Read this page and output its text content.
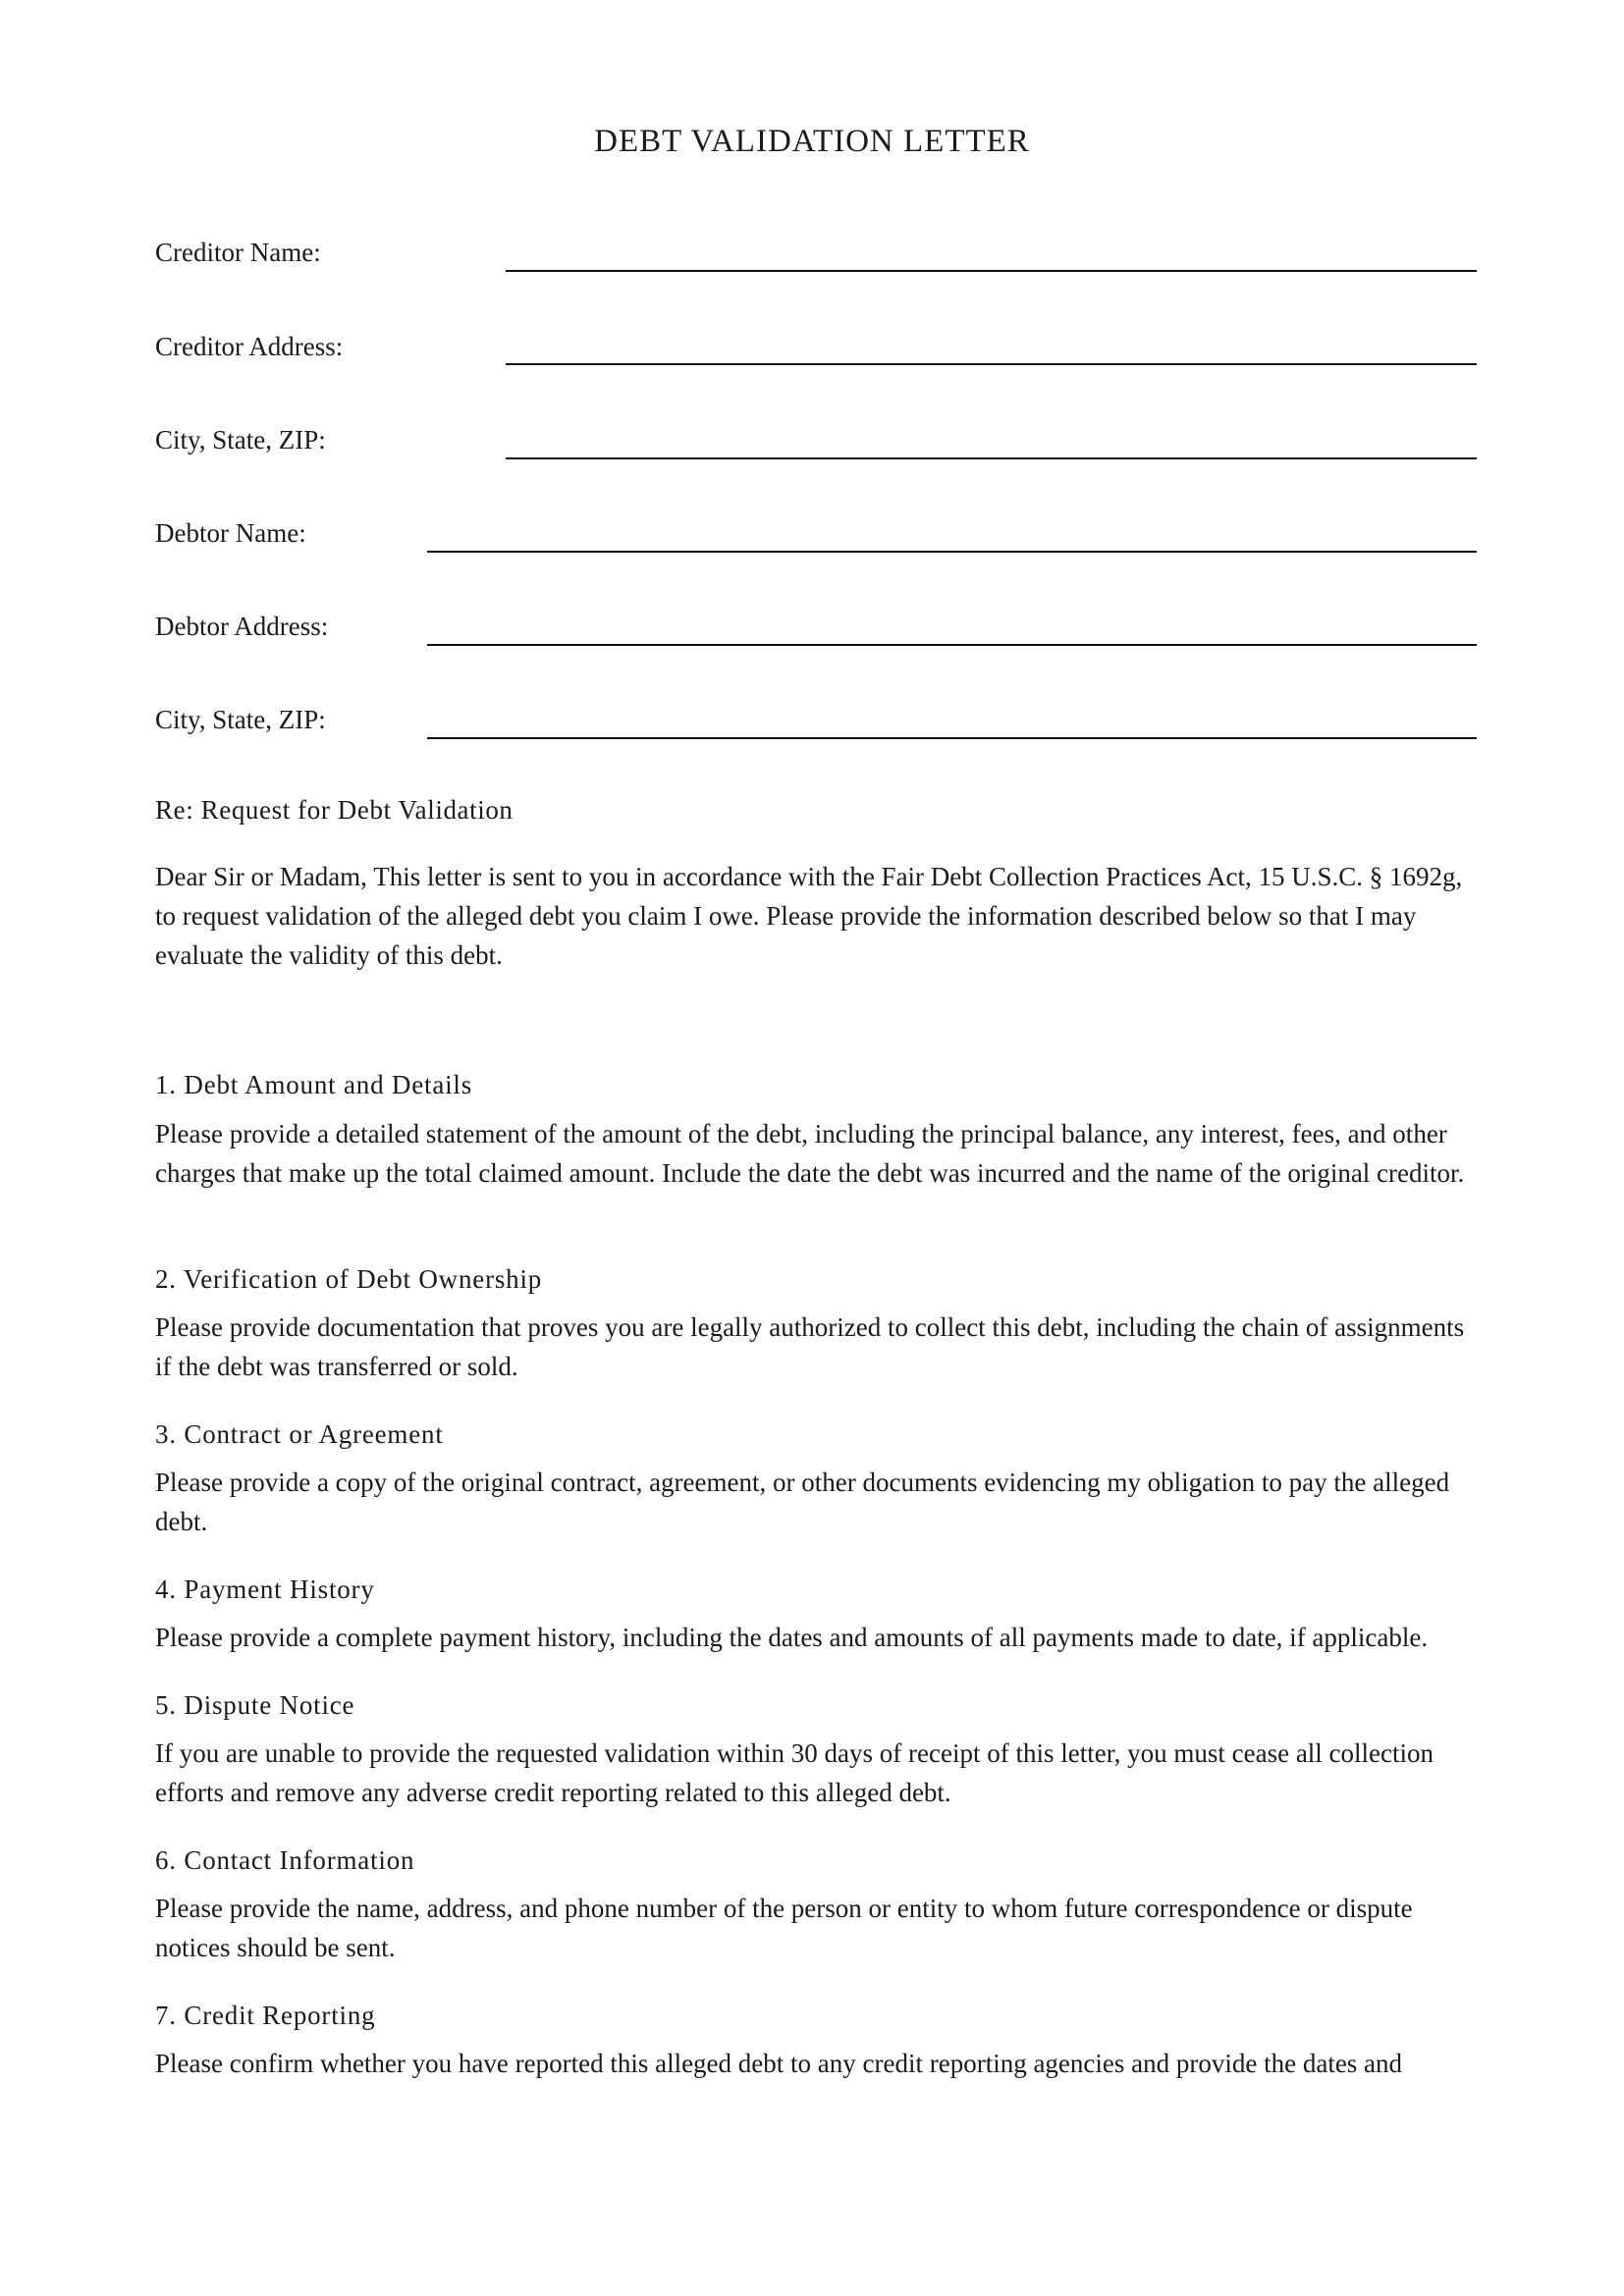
DEBT VALIDATION LETTER
Creditor Name:
Creditor Address:
City, State, ZIP:
Debtor Name:
Debtor Address:
City, State, ZIP:
Re: Request for Debt Validation

Dear Sir or Madam, This letter is sent to you in accordance with the Fair Debt Collection Practices Act, 15 U.S.C. § 1692g, to request validation of the alleged debt you claim I owe. Please provide the information described below so that I may evaluate the validity of this debt.

1. Debt Amount and Details

Please provide a detailed statement of the amount of the debt, including the principal balance, any interest, fees, and other charges that make up the total claimed amount. Include the date the debt was incurred and the name of the original creditor.

2. Verification of Debt Ownership

Please provide documentation that proves you are legally authorized to collect this debt, including the chain of assignments if the debt was transferred or sold.

3. Contract or Agreement

Please provide a copy of the original contract, agreement, or other documents evidencing my obligation to pay the alleged debt.

4. Payment History

Please provide a complete payment history, including the dates and amounts of all payments made to date, if applicable.

5. Dispute Notice

If you are unable to provide the requested validation within 30 days of receipt of this letter, you must cease all collection efforts and remove any adverse credit reporting related to this alleged debt.

6. Contact Information

Please provide the name, address, and phone number of the person or entity to whom future correspondence or dispute notices should be sent.

7. Credit Reporting

Please confirm whether you have reported this alleged debt to any credit reporting agencies and provide the dates and
